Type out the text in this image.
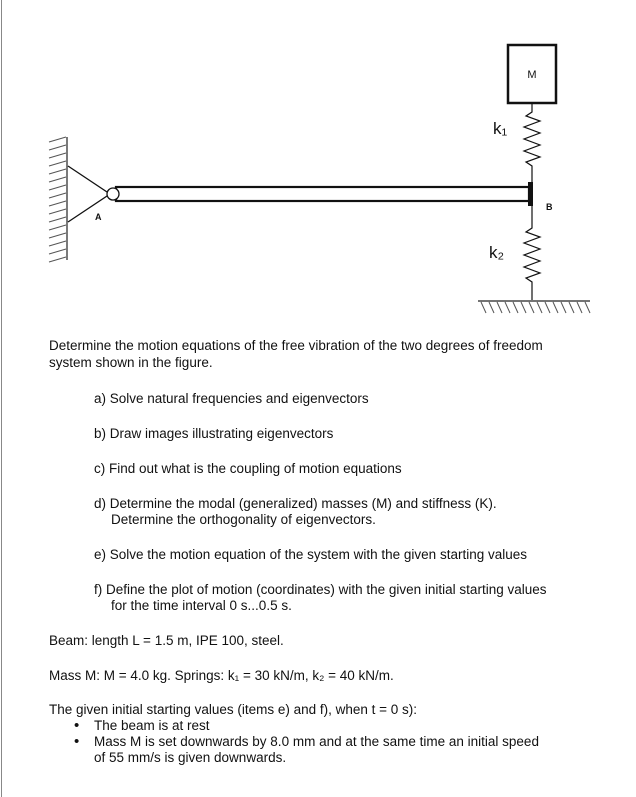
M
k₁
k₂
A
B
Determine the motion equations of the free vibration of the two degrees of freedom
system shown in the figure.
a) Solve natural frequencies and eigenvectors
b) Draw images illustrating eigenvectors
c) Find out what is the coupling of motion equations
d) Determine the modal (generalized) masses (M) and stiffness (K).
Determine the orthogonality of eigenvectors.
e) Solve the motion equation of the system with the given starting values
f) Define the plot of motion (coordinates) with the given initial starting values
for the time interval 0 s...0.5 s.
Beam: length L = 1.5 m, IPE 100, steel.
Mass M: M = 4.0 kg. Springs: k₁ = 30 kN/m, k₂ = 40 kN/m.
The given initial starting values (items e) and f), when t = 0 s):
• The beam is at rest
• Mass M is set downwards by 8.0 mm and at the same time an initial speed
of 55 mm/s is given downwards.
